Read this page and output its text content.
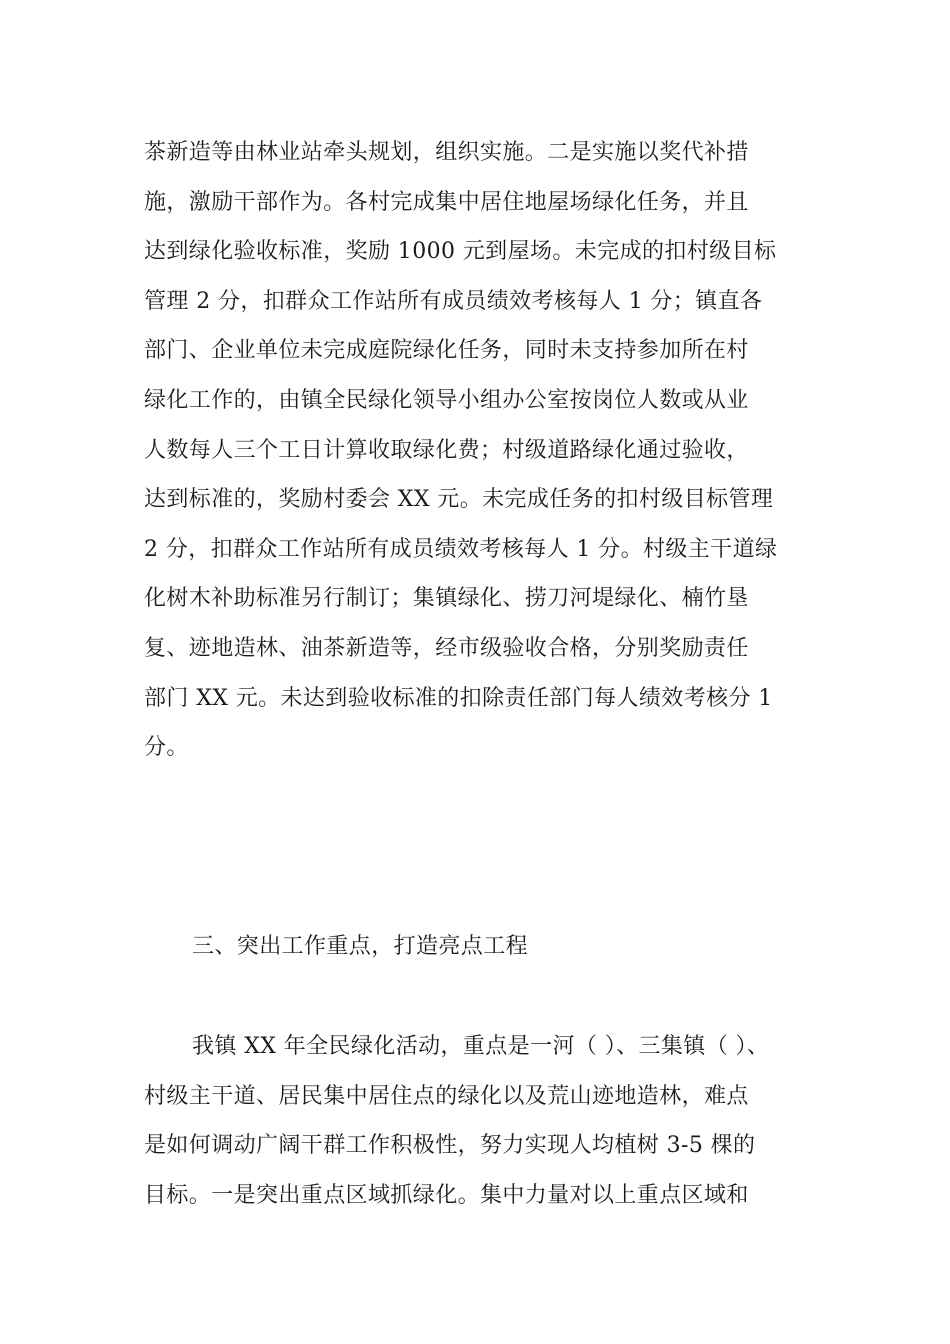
茶新造等由林业站牵头规划，组织实施。二是实施以奖代补措
施，激励干部作为。各村完成集中居住地屋场绿化任务，并且
达到绿化验收标准，奖励 1000 元到屋场。未完成的扣村级目标
管理 2 分，扣群众工作站所有成员绩效考核每人 1 分；镇直各
部门、企业单位未完成庭院绿化任务，同时未支持参加所在村
绿化工作的，由镇全民绿化领导小组办公室按岗位人数或从业
人数每人三个工日计算收取绿化费；村级道路绿化通过验收，
达到标准的，奖励村委会 XX 元。未完成任务的扣村级目标管理
2 分，扣群众工作站所有成员绩效考核每人 1 分。村级主干道绿
化树木补助标准另行制订；集镇绿化、捞刀河堤绿化、楠竹垦
复、迹地造林、油茶新造等，经市级验收合格，分别奖励责任
部门 XX 元。未达到验收标准的扣除责任部门每人绩效考核分 1
分。
三、突出工作重点，打造亮点工程
我镇 XX 年全民绿化活动，重点是一河（ ）、三集镇（ ）、
村级主干道、居民集中居住点的绿化以及荒山迹地造林，难点
是如何调动广阔干群工作积极性，努力实现人均植树 3-5 棵的
目标。一是突出重点区域抓绿化。集中力量对以上重点区域和
